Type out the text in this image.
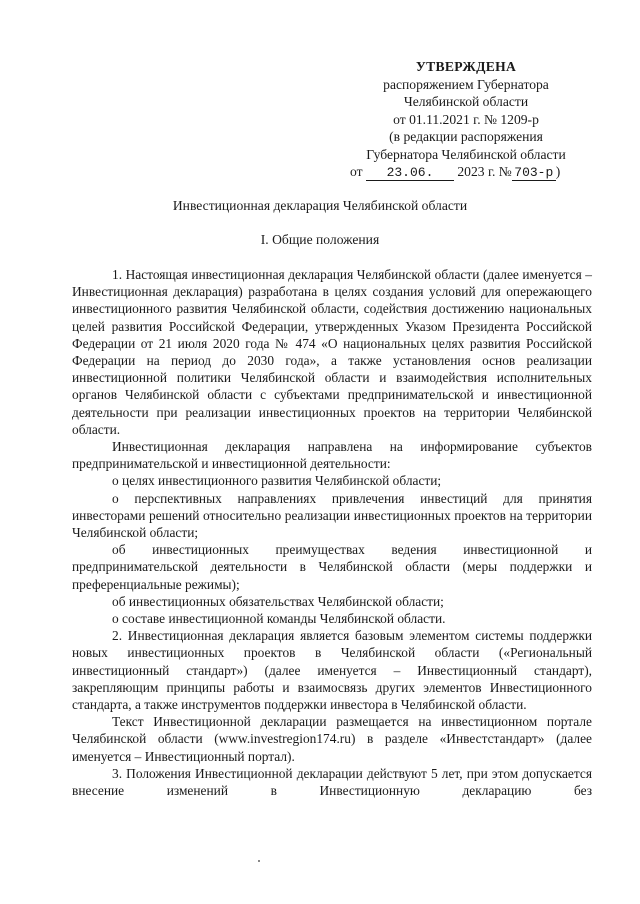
УТВЕРЖДЕНА
распоряжением Губернатора
Челябинской области
от 01.11.2021 г. № 1209-р
(в редакции распоряжения
Губернатора Челябинской области
от 23.06. 2023 г. № 703-р )
Инвестиционная декларация Челябинской области
I. Общие положения

1. Настоящая инвестиционная декларация Челябинской области (далее именуется – Инвестиционная декларация) разработана в целях создания условий для опережающего инвестиционного развития Челябинской области, содействия достижению национальных целей развития Российской Федерации, утвержденных Указом Президента Российской Федерации от 21 июля 2020 года № 474 «О национальных целях развития Российской Федерации на период до 2030 года», а также установления основ реализации инвестиционной политики Челябинской области и взаимодействия исполнительных органов Челябинской области с субъектами предпринимательской и инвестиционной деятельности при реализации инвестиционных проектов на территории Челябинской области.

Инвестиционная декларация направлена на информирование субъектов предпринимательской и инвестиционной деятельности:

о целях инвестиционного развития Челябинской области;

о перспективных направлениях привлечения инвестиций для принятия инвесторами решений относительно реализации инвестиционных проектов на территории Челябинской области;

об инвестиционных преимуществах ведения инвестиционной и предпринимательской деятельности в Челябинской области (меры поддержки и преференциальные режимы);

об инвестиционных обязательствах Челябинской области;

о составе инвестиционной команды Челябинской области.

2. Инвестиционная декларация является базовым элементом системы поддержки новых инвестиционных проектов в Челябинской области («Региональный инвестиционный стандарт») (далее именуется – Инвестиционный стандарт), закрепляющим принципы работы и взаимосвязь других элементов Инвестиционного стандарта, а также инструментов поддержки инвестора в Челябинской области.

Текст Инвестиционной декларации размещается на инвестиционном портале Челябинской области (www.investregion174.ru) в разделе «Инвестстандарт» (далее именуется – Инвестиционный портал).

3. Положения Инвестиционной декларации действуют 5 лет, при этом допускается внесение изменений в Инвестиционную декларацию без
